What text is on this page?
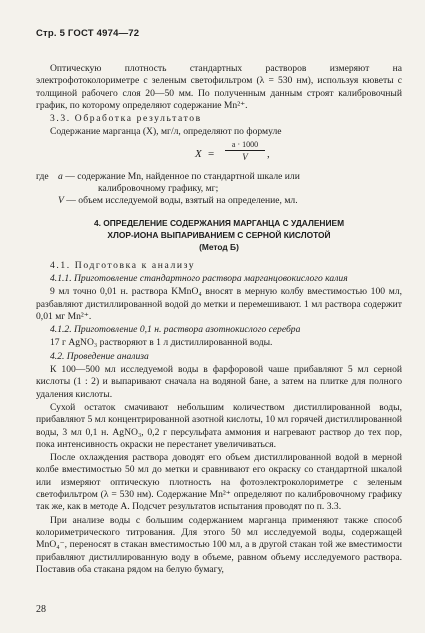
Стр. 5 ГОСТ 4974—72

Оптическую плотность стандартных растворов измеряют на электрофотоколориметре с зеленым светофильтром (λ = 530 нм), используя кюветы с толщиной рабочего слоя 20—50 мм. По полученным данным строят калибровочный график, по которому определяют содержание Mn²⁺.

3.3. Обработка результатов

Содержание марганца (X), мг/л, определяют по формуле

X =
a · 1000
V	,
где a — содержание Mn, найденное по стандартной шкале или
калибровочному графику, мг;
V — объем исследуемой воды, взятый на определение, мл.
4. ОПРЕДЕЛЕНИЕ СОДЕРЖАНИЯ МАРГАНЦА С УДАЛЕНИЕМ
ХЛОР-ИОНА ВЫПАРИВАНИЕМ С СЕРНОЙ КИСЛОТОЙ
(Метод Б)

4.1. Подготовка к анализу

4.1.1. Приготовление стандартного раствора марганцовокислого калия

9 мл точно 0,01 н. раствора KMnO₄ вносят в мерную колбу вместимостью 100 мл, разбавляют дистиллированной водой до метки и перемешивают. 1 мл раствора содержит 0,01 мг Mn²⁺.

4.1.2. Приготовление 0,1 н. раствора азотнокислого серебра

17 г AgNO₃ растворяют в 1 л дистиллированной воды.

4.2. Проведение анализа

К 100—500 мл исследуемой воды в фарфоровой чаше прибавляют 5 мл серной кислоты (1 : 2) и выпаривают сначала на водяной бане, а затем на плитке для полного удаления кислоты.

Сухой остаток смачивают небольшим количеством дистиллированной воды, прибавляют 5 мл концентрированной азотной кислоты, 10 мл горячей дистиллированной воды, 3 мл 0,1 н. AgNO₃, 0,2 г персульфата аммония и нагревают раствор до тех пор, пока интенсивность окраски не перестанет увеличиваться.

После охлаждения раствора доводят его объем дистиллированной водой в мерной колбе вместимостью 50 мл до метки и сравнивают его окраску со стандартной шкалой или измеряют оптическую плотность на фотоэлектроколориметре с зеленым светофильтром (λ = 530 нм). Содержание Mn²⁺ определяют по калибровочному графику так же, как в методе А. Подсчет результатов испытания проводят по п. 3.3.

При анализе воды с большим содержанием марганца применяют также способ колориметрического титрования. Для этого 50 мл исследуемой воды, содержащей MnO₄⁻, переносят в стакан вместимостью 100 мл, а в другой стакан той же вместимости прибавляют дистиллированную воду в объеме, равном объему исследуемого раствора. Поставив оба стакана рядом на белую бумагу,

28
